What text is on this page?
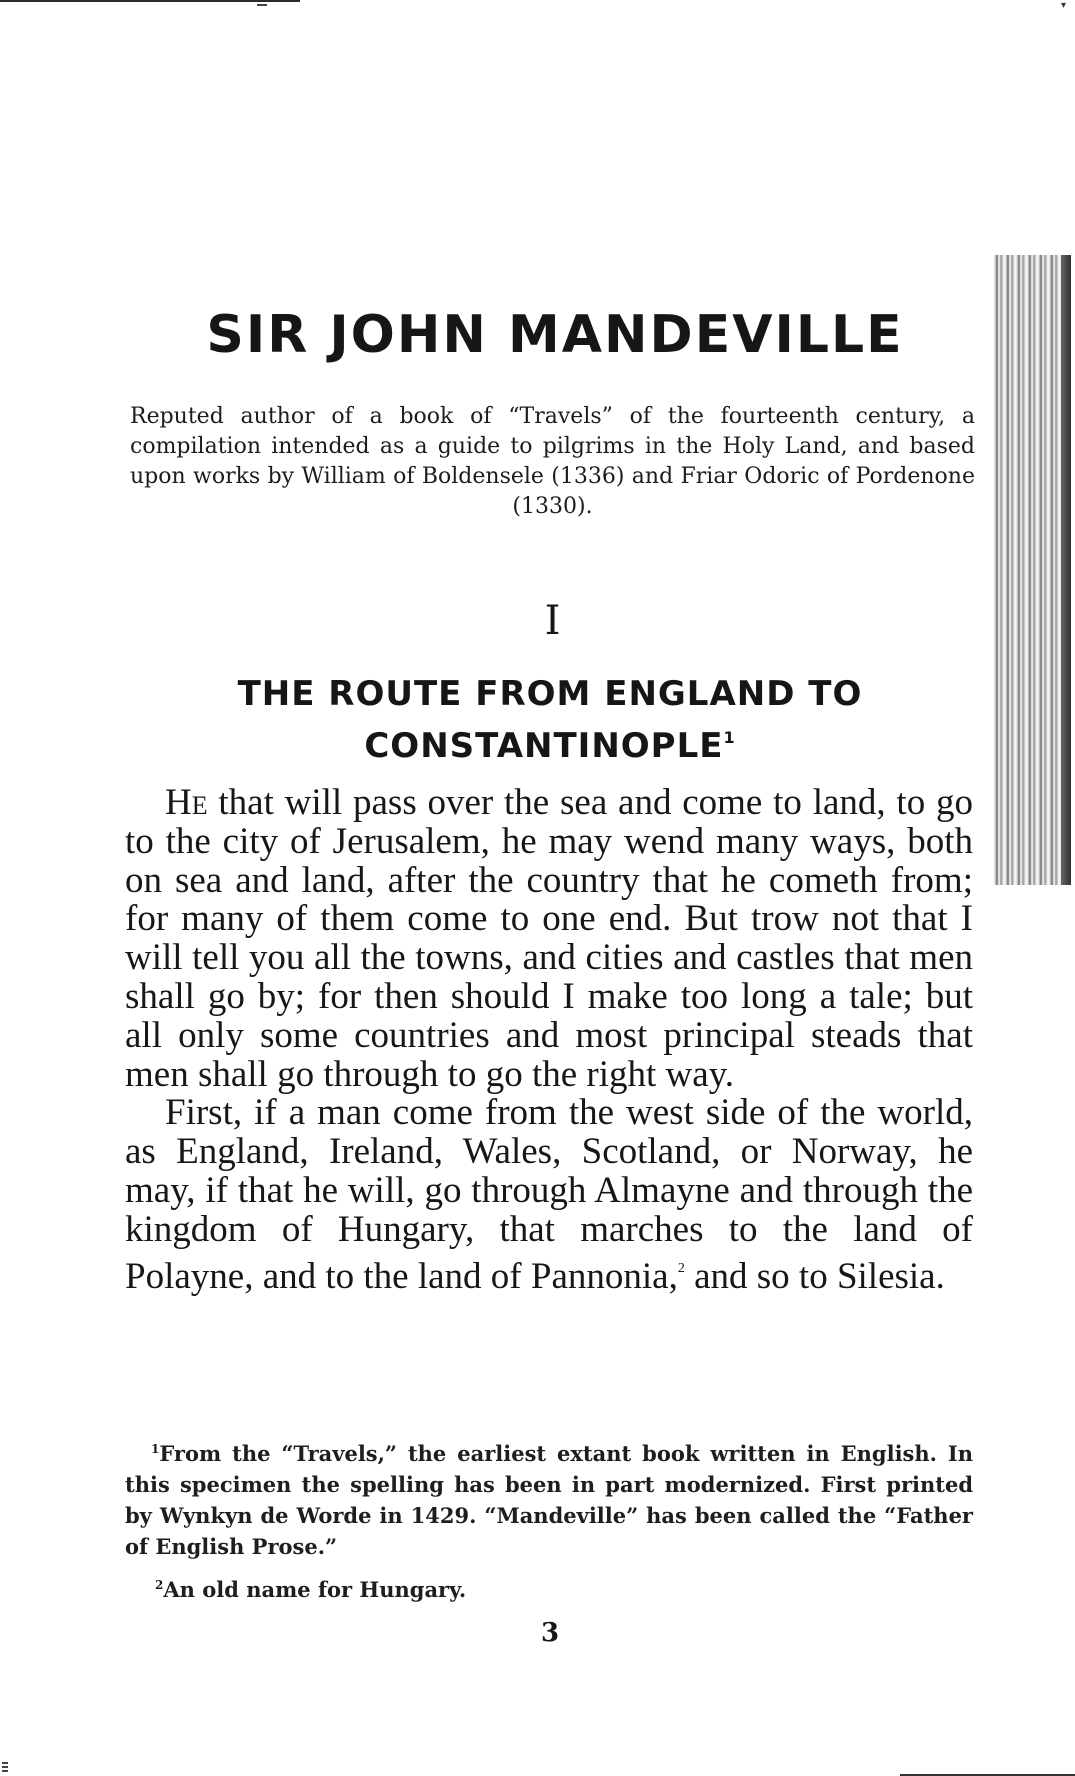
▾
SIR JOHN MANDEVILLE

Reputed author of a book of “Travels” of the fourteenth century, a compilation intended as a guide to pilgrims in the Holy Land, and based upon works by William of Boldensele (1336) and Friar Odoric of Pordenone (1330).

I

THE ROUTE FROM ENGLAND TO CONSTANTINOPLE$^1$

He that will pass over the sea and come to land, to go to the city of Jerusalem, he may wend many ways, both on sea and land, after the country that he cometh from; for many of them come to one end. But trow not that I will tell you all the towns, and cities and castles that men shall go by; for then should I make too long a tale; but all only some countries and most principal steads that men shall go through to go the right way.

First, if a man come from the west side of the world, as England, Ireland, Wales, Scotland, or Norway, he may, if that he will, go through Almayne and through the kingdom of Hungary, that marches to the land of Polayne, and to the land of Pannonia,$^2$ and so to Silesia.

$^1$From the “Travels,” the earliest extant book written in English. In this specimen the spelling has been in part modernized. First printed by Wynkyn de Worde in 1429. “Mandeville” has been called the “Father of English Prose.”

$^2$An old name for Hungary.

3
